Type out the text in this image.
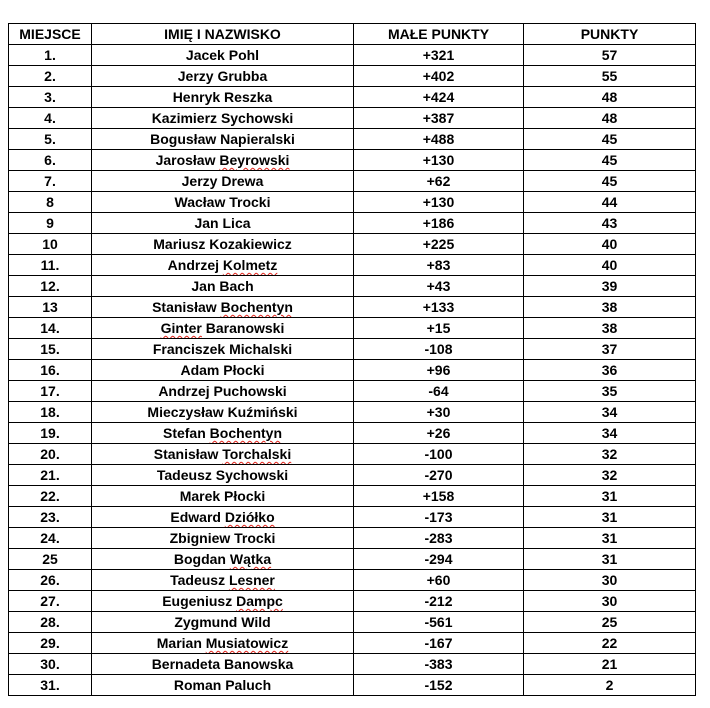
MIEJSCE	IMIĘ I NAZWISKO	MAŁE PUNKTY	PUNKTY
1.	Jacek Pohl	+321	57
2.	Jerzy Grubba	+402	55
3.	Henryk Reszka	+424	48
4.	Kazimierz Sychowski	+387	48
5.	Bogusław Napieralski	+488	45
6.	Jarosław Beyrowski	+130	45
7.	Jerzy Drewa	+62	45
8	Wacław Trocki	+130	44
9	Jan Lica	+186	43
10	Mariusz Kozakiewicz	+225	40
11.	Andrzej Kolmetz	+83	40
12.	Jan Bach	+43	39
13	Stanisław Bochentyn	+133	38
14.	Ginter Baranowski	+15	38
15.	Franciszek Michalski	-108	37
16.	Adam Płocki	+96	36
17.	Andrzej Puchowski	-64	35
18.	Mieczysław Kuźmiński	+30	34
19.	Stefan Bochentyn	+26	34
20.	Stanisław Torchalski	-100	32
21.	Tadeusz Sychowski	-270	32
22.	Marek Płocki	+158	31
23.	Edward Dziółko	-173	31
24.	Zbigniew Trocki	-283	31
25	Bogdan Wątka	-294	31
26.	Tadeusz Lesner	+60	30
27.	Eugeniusz Dampc	-212	30
28.	Zygmund Wild	-561	25
29.	Marian Musiatowicz	-167	22
30.	Bernadeta Banowska	-383	21
31.	Roman Paluch	-152	2
